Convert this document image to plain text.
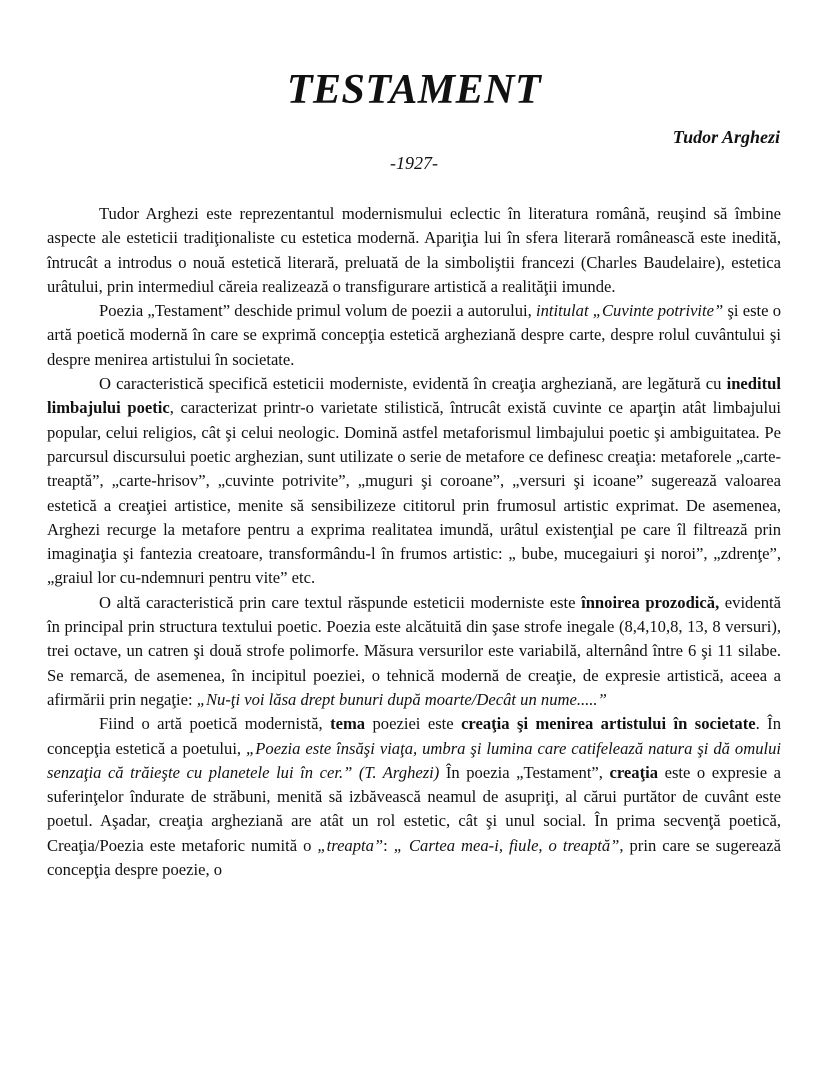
TESTAMENT
Tudor Arghezi
-1927-

Tudor Arghezi este reprezentantul modernismului eclectic în literatura română, reuşind să îmbine aspecte ale esteticii tradiţionaliste cu estetica modernă. Apariţia lui în sfera literară românească este inedită, întrucât a introdus o nouă estetică literară, preluată de la simboliştii francezi (Charles Baudelaire), estetica urâtului, prin intermediul căreia realizează o transfigurare artistică a realităţii imunde.

Poezia „Testament” deschide primul volum de poezii a autorului, intitulat „Cuvinte potrivite” şi este o artă poetică modernă în care se exprimă concepţia estetică argheziană despre carte, despre rolul cuvântului şi despre menirea artistului în societate.

O caracteristică specifică esteticii moderniste, evidentă în creaţia argheziană, are legătură cu ineditul limbajului poetic, caracterizat printr-o varietate stilistică, întrucât există cuvinte ce aparţin atât limbajului popular, celui religios, cât şi celui neologic. Domină astfel metaforismul limbajului poetic şi ambiguitatea. Pe parcursul discursului poetic arghezian, sunt utilizate o serie de metafore ce definesc creaţia: metaforele „carte-treaptă”, „carte-hrisov”, „cuvinte potrivite”, „muguri şi coroane”, „versuri şi icoane” sugerează valoarea estetică a creaţiei artistice, menite să sensibilizeze cititorul prin frumosul artistic exprimat. De asemenea, Arghezi recurge la metafore pentru a exprima realitatea imundă, urâtul existenţial pe care îl filtrează prin imaginaţia şi fantezia creatoare, transformându-l în frumos artistic: „ bube, mucegaiuri şi noroi”, „zdrenţe”, „graiul lor cu-ndemnuri pentru vite” etc.

O altă caracteristică prin care textul răspunde esteticii moderniste este înnoirea prozodică, evidentă în principal prin structura textului poetic. Poezia este alcătuită din şase strofe inegale (8,4,10,8, 13, 8 versuri), trei octave, un catren şi două strofe polimorfe. Măsura versurilor este variabilă, alternând între 6 şi 11 silabe. Se remarcă, de asemenea, în incipitul poeziei, o tehnică modernă de creaţie, de expresie artistică, aceea a afirmării prin negaţie: „Nu-ţi voi lăsa drept bunuri după moarte/Decât un nume.....”

Fiind o artă poetică modernistă, tema poeziei este creaţia şi menirea artistului în societate. În concepţia estetică a poetului, „Poezia este însăşi viaţa, umbra şi lumina care catifelează natura şi dă omului senzaţia că trăieşte cu planetele lui în cer.” (T. Arghezi) În poezia „Testament”, creaţia este o expresie a suferinţelor îndurate de străbuni, menită să izbăvească neamul de asupriţi, al cărui purtător de cuvânt este poetul. Aşadar, creaţia argheziană are atât un rol estetic, cât şi unul social. În prima secvenţă poetică, Creaţia/Poezia este metaforic numită o „treapta”: „ Cartea mea-i, fiule, o treaptă”, prin care se sugerează concepţia despre poezie, o
